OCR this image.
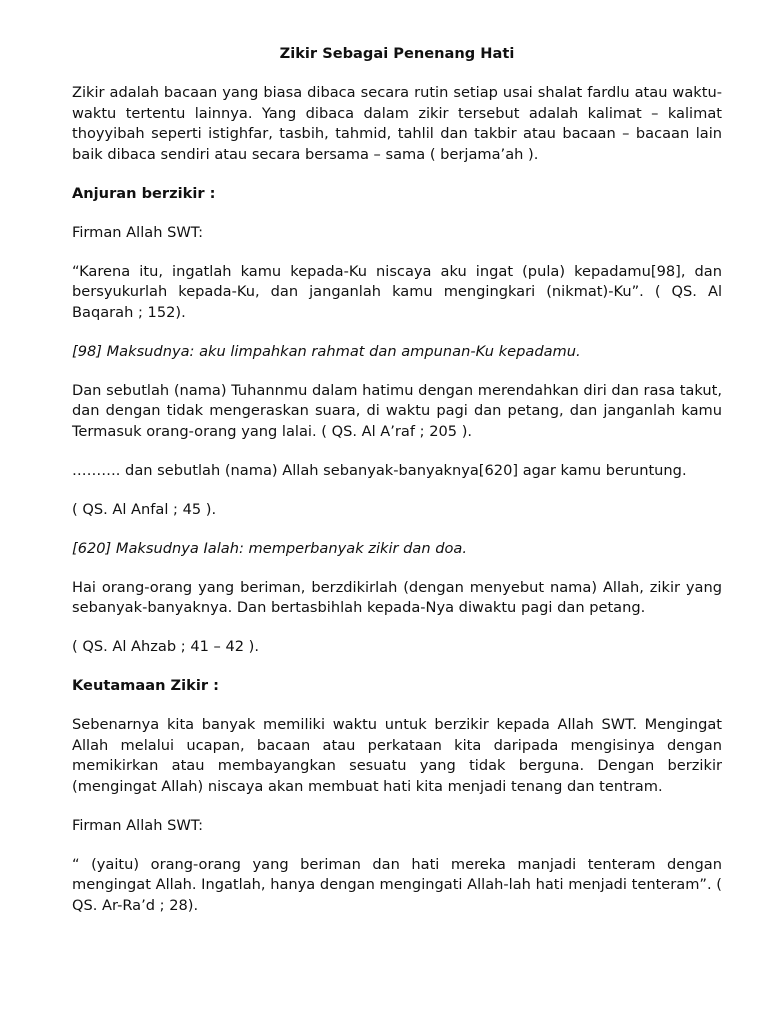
Zikir Sebagai Penenang Hati
Zikir adalah bacaan yang biasa dibaca secara rutin setiap usai shalat fardlu atau waktu-waktu tertentu lainnya. Yang dibaca dalam zikir tersebut adalah kalimat – kalimat thoyyibah seperti istighfar, tasbih, tahmid, tahlil dan takbir atau bacaan – bacaan lain baik dibaca sendiri atau secara bersama – sama ( berjama’ah ).
Anjuran berzikir :
Firman Allah SWT:
“Karena itu, ingatlah kamu kepada-Ku niscaya aku ingat (pula) kepadamu[98], dan bersyukurlah kepada-Ku, dan janganlah kamu mengingkari (nikmat)-Ku”. ( QS. Al Baqarah ; 152).
[98] Maksudnya: aku limpahkan rahmat dan ampunan-Ku kepadamu.
Dan sebutlah (nama) Tuhannmu dalam hatimu dengan merendahkan diri dan rasa takut, dan dengan tidak mengeraskan suara, di waktu pagi dan petang, dan janganlah kamu Termasuk orang-orang yang lalai. ( QS. Al A’raf ; 205 ).
………. dan sebutlah (nama) Allah sebanyak-banyaknya[620] agar kamu beruntung.
( QS. Al Anfal ; 45 ).
[620] Maksudnya Ialah: memperbanyak zikir dan doa.
Hai orang-orang yang beriman, berzdikirlah (dengan menyebut nama) Allah, zikir yang sebanyak-banyaknya. Dan bertasbihlah kepada-Nya diwaktu pagi dan petang.
( QS. Al Ahzab ; 41 – 42 ).
Keutamaan Zikir :
Sebenarnya kita banyak memiliki waktu untuk berzikir kepada Allah SWT. Mengingat Allah melalui ucapan, bacaan atau perkataan kita daripada mengisinya dengan memikirkan atau membayangkan sesuatu yang tidak berguna. Dengan berzikir (mengingat Allah) niscaya akan membuat hati kita menjadi tenang dan tentram.
Firman Allah SWT:
“ (yaitu) orang-orang yang beriman dan hati mereka manjadi tenteram dengan mengingat Allah. Ingatlah, hanya dengan mengingati Allah-lah hati menjadi tenteram”. ( QS. Ar-Ra’d ; 28).
